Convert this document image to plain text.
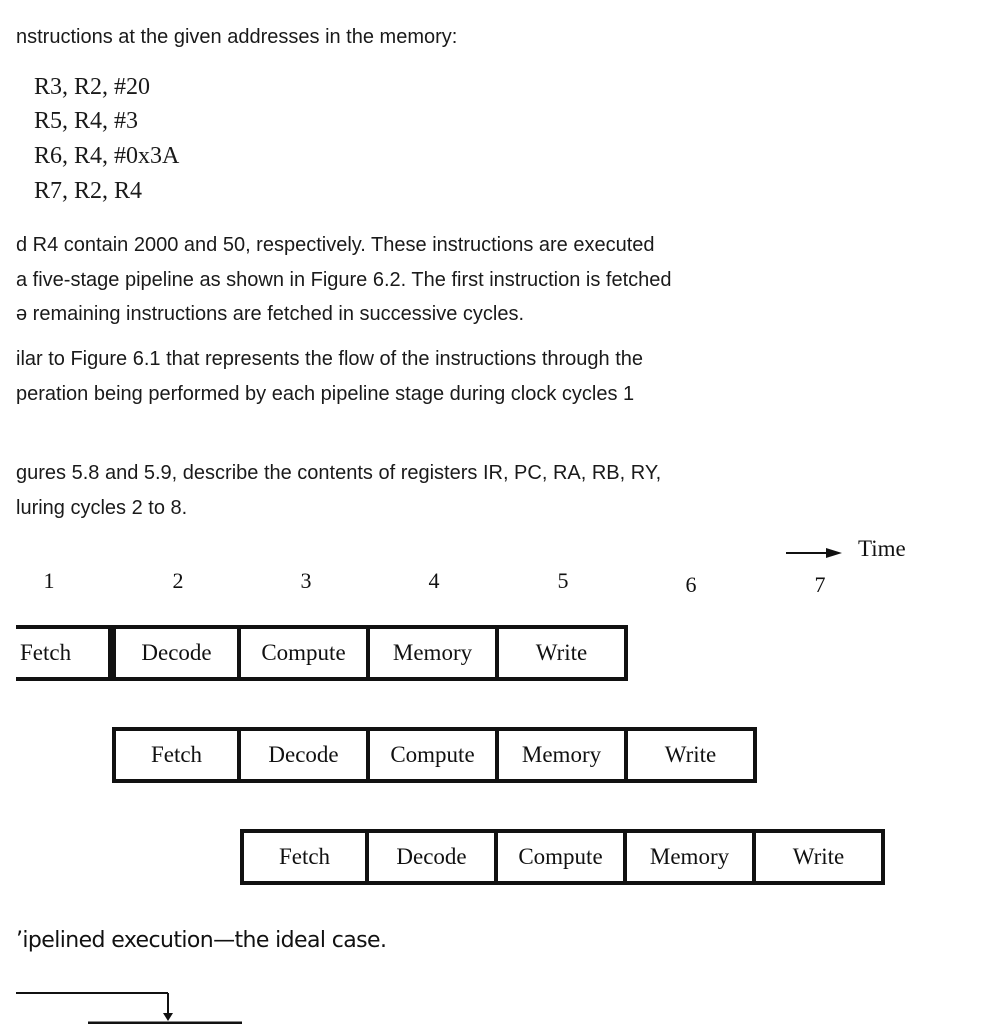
nstructions at the given addresses in the memory:
R3, R2, #20
R5, R4, #3
R6, R4, #0x3A
R7, R2, R4
d R4 contain 2000 and 50, respectively. These instructions are executed
a five-stage pipeline as shown in Figure 6.2. The first instruction is fetched
ə remaining instructions are fetched in successive cycles.
ilar to Figure 6.1 that represents the flow of the instructions through the
peration being performed by each pipeline stage during clock cycles 1
ɡures 5.8 and 5.9, describe the contents of registers IR, PC, RA, RB, RY,
luring cycles 2 to 8.
Time
1	2	3	4	5	6	7
Fetch	Decode	Compute	Memory	Write
Fetch	Decode	Compute	Memory	Write
Fetch	Decode	Compute	Memory	Write
’ipelined execution—the ideal case.
